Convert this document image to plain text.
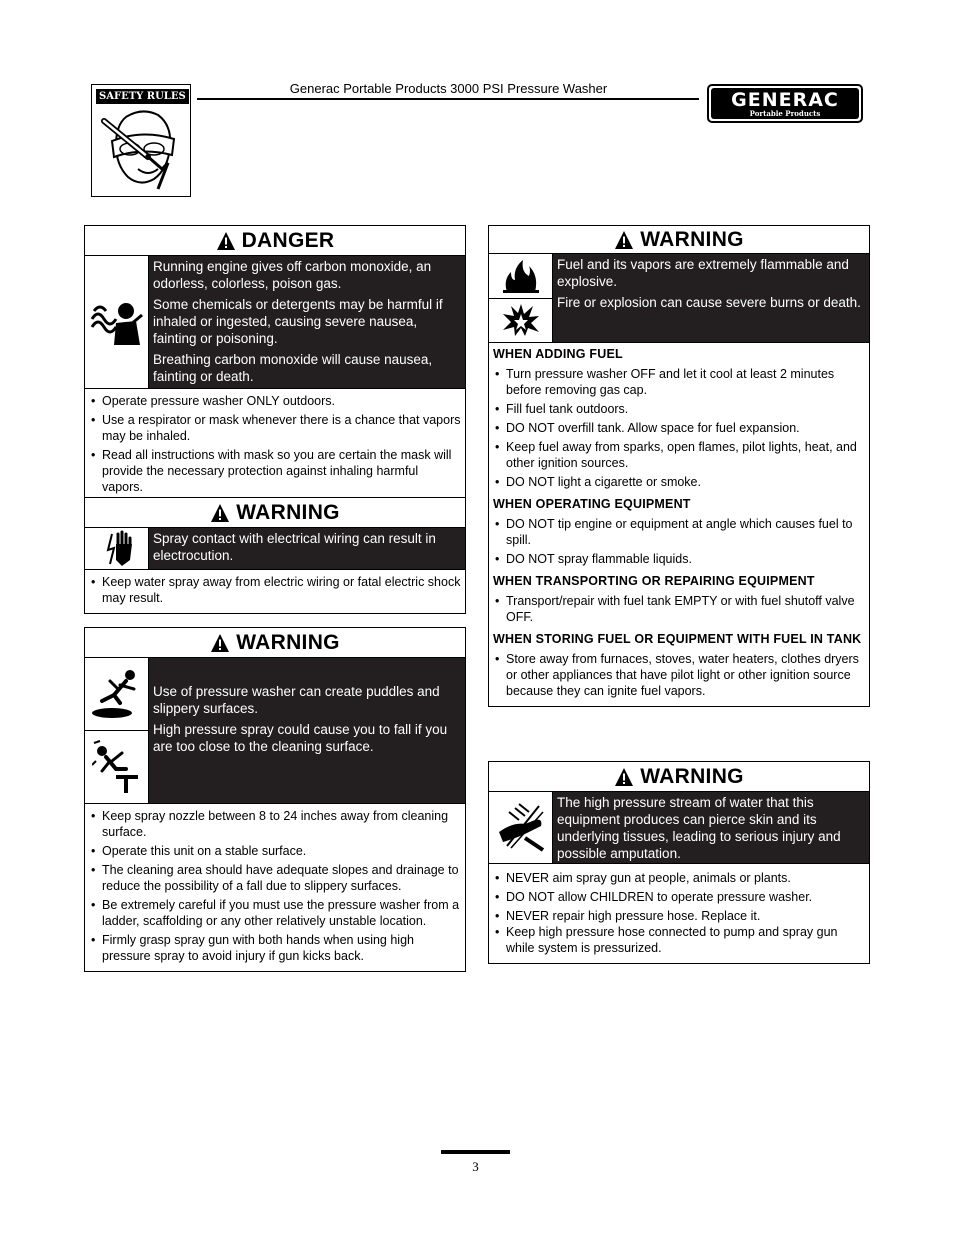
SAFETY RULES
Generac Portable Products 3000 PSI Pressure Washer
GENERAC
Portable Products
DANGER

Running engine gives off carbon monoxide, an odorless, colorless, poison gas.

Some chemicals or detergents may be harmful if inhaled or ingested, causing severe nausea, fainting or poisoning.

Breathing carbon monoxide will cause nausea, fainting or death.

• Operate pressure washer ONLY outdoors.
• Use a respirator or mask whenever there is a chance that vapors may be inhaled.
• Read all instructions with mask so you are certain the mask will provide the necessary protection against inhaling harmful vapors.
WARNING

Spray contact with electrical wiring can result in electrocution.

• Keep water spray away from electric wiring or fatal electric shock may result.
WARNING

Use of pressure washer can create puddles and slippery surfaces.

High pressure spray could cause you to fall if you are too close to the cleaning surface.

• Keep spray nozzle between 8 to 24 inches away from cleaning surface.
• Operate this unit on a stable surface.
• The cleaning area should have adequate slopes and drainage to reduce the possibility of a fall due to slippery surfaces.
• Be extremely careful if you must use the pressure washer from a ladder, scaffolding or any other relatively unstable location.
• Firmly grasp spray gun with both hands when using high pressure spray to avoid injury if gun kicks back.
WARNING

Fuel and its vapors are extremely flammable and explosive.

Fire or explosion can cause severe burns or death.

WHEN ADDING FUEL
• Turn pressure washer OFF and let it cool at least 2 minutes before removing gas cap.
• Fill fuel tank outdoors.
• DO NOT overfill tank. Allow space for fuel expansion.
• Keep fuel away from sparks, open flames, pilot lights, heat, and other ignition sources.
• DO NOT light a cigarette or smoke.
WHEN OPERATING EQUIPMENT
• DO NOT tip engine or equipment at angle which causes fuel to spill.
• DO NOT spray flammable liquids.
WHEN TRANSPORTING OR REPAIRING EQUIPMENT
• Transport/repair with fuel tank EMPTY or with fuel shutoff valve OFF.
WHEN STORING FUEL OR EQUIPMENT WITH FUEL IN TANK
• Store away from furnaces, stoves, water heaters, clothes dryers or other appliances that have pilot light or other ignition source because they can ignite fuel vapors.
WARNING

The high pressure stream of water that this equipment produces can pierce skin and its underlying tissues, leading to serious injury and possible amputation.

• NEVER aim spray gun at people, animals or plants.
• DO NOT allow CHILDREN to operate pressure washer.
• NEVER repair high pressure hose. Replace it.
• Keep high pressure hose connected to pump and spray gun while system is pressurized.
3
